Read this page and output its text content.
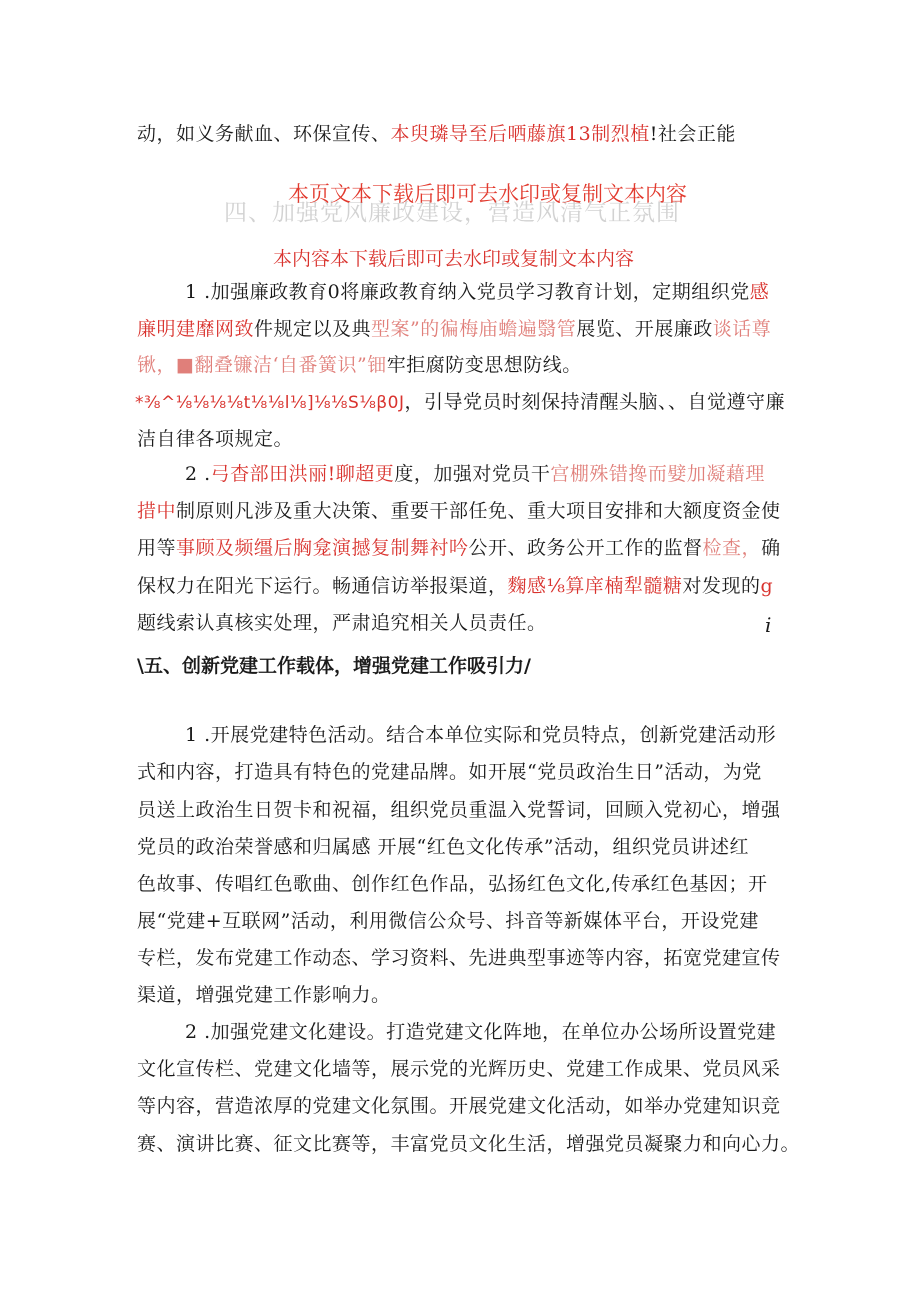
动，如义务献血、环保宣传、本臾璘导至后哂藤旗13制烈植!社会正能
四、加强党风廉政建设，营造风清气正氛围
本页文本下载后即可去水印或复制文本内容
本内容本下载后即可去水印或复制文本内容
1 .加强廉政教育0将廉政教育纳入党员学习教育计划，定期组织党感
廉明建靡网致件规定以及典型案”的徧梅庙蟾遍翳管展览、开展廉政谈话尊
锹，■翻叠镰洁‘自番簧识”钿牢拒腐防变思想防线。
*⅜^⅛⅛⅛⅛t⅛⅛l⅛]⅛⅛S⅛β0J，引导党员时刻保持清醒头脑、、自觉遵守廉
洁自律各项规定。
2 .弓杳部田洪丽!聊超更度，加强对党员干宫棚殊错搀而嬖加凝藉理
措中制原则凡涉及重大决策、重要干部任免、重大项目安排和大额度资金使
用等事顾及频缰后胸龛演撼复制舞衬吟公开、政务公开工作的监督检查，确
保权力在阳光下运行。畅通信访举报渠道，麴感⅛算庠楠犁髓糖对发现的g
题线索认真核实处理，严肃追究相关人员责任。	i
\五、创新党建工作载体，增强党建工作吸引力/
1 .开展党建特色活动。结合本单位实际和党员特点，创新党建活动形
式和内容，打造具有特色的党建品牌。如开展“党员政治生日”活动，为党
员送上政治生日贺卡和祝福，组织党员重温入党誓词，回顾入党初心，增强
党员的政治荣誉感和归属感 开展“红色文化传承”活动，组织党员讲述红
色故事、传唱红色歌曲、创作红色作品，弘扬红色文化,传承红色基因；开
展“党建+互联网”活动，利用微信公众号、抖音等新媒体平台，开设党建
专栏，发布党建工作动态、学习资料、先进典型事迹等内容，拓宽党建宣传
渠道，增强党建工作影响力。
2 .加强党建文化建设。打造党建文化阵地，在单位办公场所设置党建
文化宣传栏、党建文化墙等，展示党的光辉历史、党建工作成果、党员风采
等内容，营造浓厚的党建文化氛围。开展党建文化活动，如举办党建知识竞
赛、演讲比赛、征文比赛等，丰富党员文化生活，增强党员凝聚力和向心力。
